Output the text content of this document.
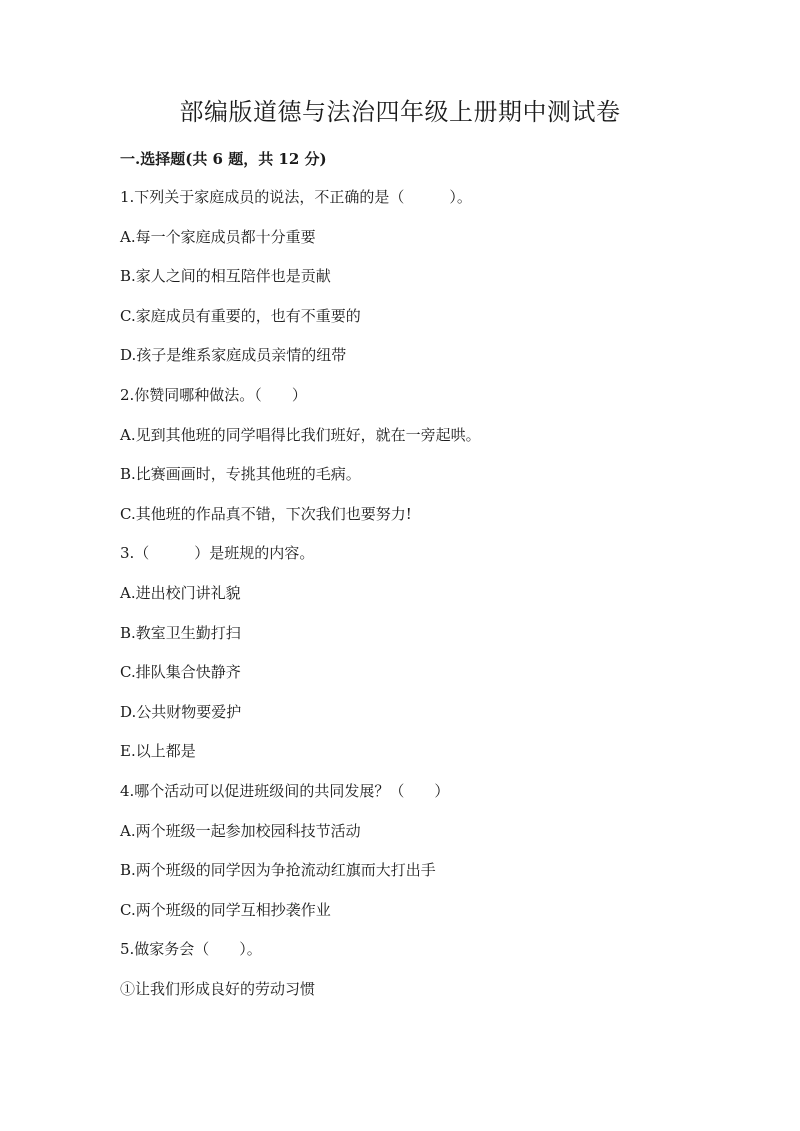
部编版道德与法治四年级上册期中测试卷
一.选择题(共 6 题，共 12 分)
1.下列关于家庭成员的说法，不正确的是（　　　）。
A.每一个家庭成员都十分重要
B.家人之间的相互陪伴也是贡献
C.家庭成员有重要的，也有不重要的
D.孩子是维系家庭成员亲情的纽带
2.你赞同哪种做法。（　　）
A.见到其他班的同学唱得比我们班好，就在一旁起哄。
B.比赛画画时，专挑其他班的毛病。
C.其他班的作品真不错，下次我们也要努力!
3.（　　　）是班规的内容。
A.进出校门讲礼貌
B.教室卫生勤打扫
C.排队集合快静齐
D.公共财物要爱护
E.以上都是
4.哪个活动可以促进班级间的共同发展？（　　）
A.两个班级一起参加校园科技节活动
B.两个班级的同学因为争抢流动红旗而大打出手
C.两个班级的同学互相抄袭作业
5.做家务会（　　）。
①让我们形成良好的劳动习惯
